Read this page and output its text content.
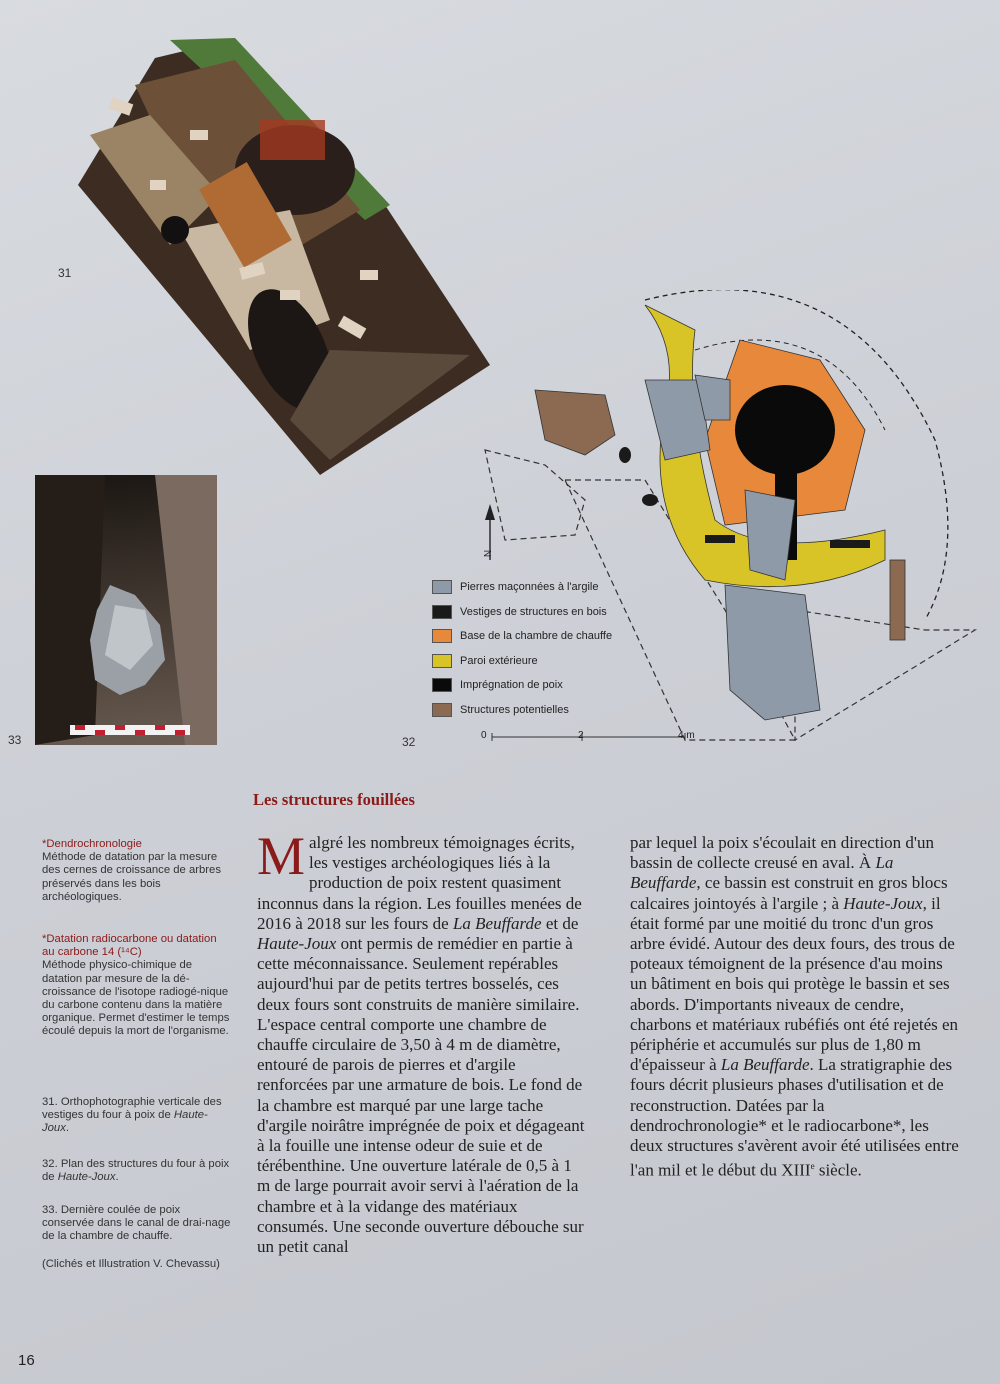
31
33	0	2	4 m
N
32
Pierres maçonnées à l'argile
Vestiges de structures en bois
Base de la chambre de chauffe
Paroi extérieure
Imprégnation de poix
Structures potentielles
Les structures fouillées
*Dendrochronologie
Méthode de datation par la mesure des cernes de croissance de arbres préservés dans les bois archéologiques.
*Datation radiocarbone ou datation au carbone 14 (¹⁴C)
Méthode physico-chimique de datation par mesure de la dé-croissance de l'isotope radiogé-nique du carbone contenu dans la matière organique. Permet d'estimer le temps écoulé depuis la mort de l'organisme.
31. Orthophotographie verticale des vestiges du four à poix de Haute-Joux.
32. Plan des structures du four à poix de Haute-Joux.
33. Dernière coulée de poix conservée dans le canal de drai-nage de la chambre de chauffe.
(Clichés et Illustration V. Chevassu)

Malgré les nombreux témoignages écrits, les vestiges archéologiques liés à la production de poix restent quasiment inconnus dans la région. Les fouilles menées de 2016 à 2018 sur les fours de La Beuffarde et de Haute-Joux ont permis de remédier en partie à cette méconnaissance. Seulement repérables aujourd'hui par de petits tertres bosselés, ces deux fours sont construits de manière similaire. L'espace central comporte une chambre de chauffe circulaire de 3,50 à 4 m de diamètre, entouré de parois de pierres et d'argile renforcées par une armature de bois. Le fond de la chambre est marqué par une large tache d'argile noirâtre imprégnée de poix et dégageant à la fouille une intense odeur de suie et de térébenthine. Une ouverture latérale de 0,5 à 1 m de large pourrait avoir servi à l'aération de la chambre et à la vidange des matériaux consumés. Une seconde ouverture débouche sur un petit canal

par lequel la poix s'écoulait en direction d'un bassin de collecte creusé en aval. À La Beuffarde, ce bassin est construit en gros blocs calcaires jointoyés à l'argile ; à Haute-Joux, il était formé par une moitié du tronc d'un gros arbre évidé. Autour des deux fours, des trous de poteaux témoignent de la présence d'au moins un bâtiment en bois qui protège le bassin et ses abords. D'importants niveaux de cendre, charbons et matériaux rubéfiés ont été rejetés en périphérie et accumulés sur plus de 1,80 m d'épaisseur à La Beuffarde. La stratigraphie des fours décrit plusieurs phases d'utilisation et de reconstruction. Datées par la dendrochronologie* et le radiocarbone*, les deux structures s'avèrent avoir été utilisées entre l'an mil et le début du XIIIe siècle.

16
